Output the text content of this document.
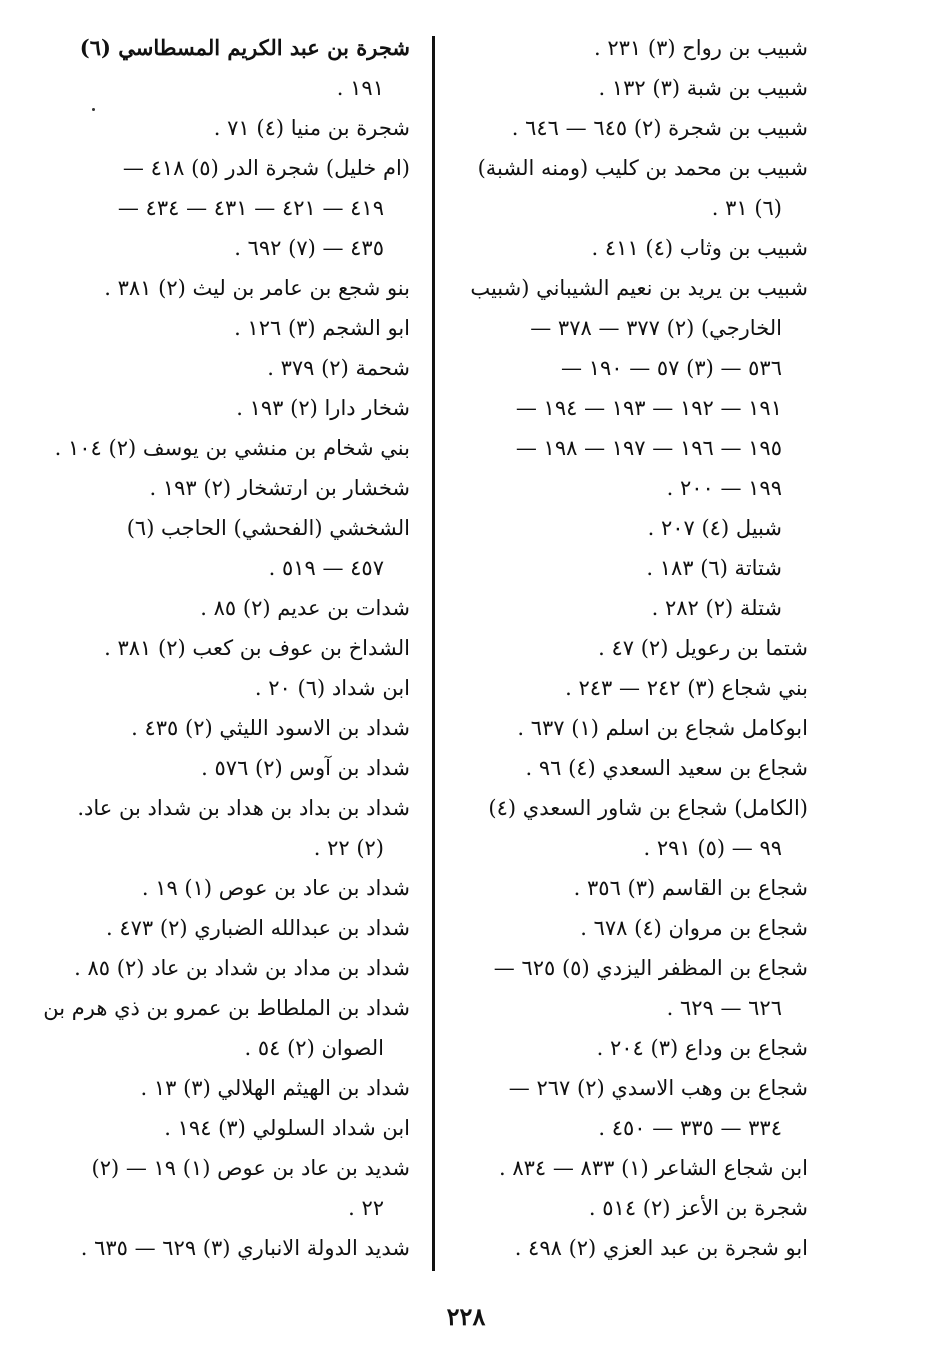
شبيب بن رواح (٣) ٢٣١ .
شبيب بن شبة (٣) ١٣٢ .
شبيب بن شجرة (٢) ٦٤٥ — ٦٤٦ .
شبيب بن محمد بن كليب (ومنه الشبة)
(٦) ٣١ .
شبيب بن وثاب (٤) ٤١١ .
شبيب بن يريد بن نعيم الشيباني (شبيب
الخارجي) (٢) ٣٧٧ — ٣٧٨ —
٥٣٦ — (٣) ٥٧ — ١٩٠ —
١٩١ — ١٩٢ — ١٩٣ — ١٩٤ —
١٩٥ — ١٩٦ — ١٩٧ — ١٩٨ —
١٩٩ — ٢٠٠ .
شبيل (٤) ٢٠٧ .
شتاتة (٦) ١٨٣ .
شتلة (٢) ٢٨٢ .
شتما بن رعويل (٢) ٤٧ .
بني شجاع (٣) ٢٤٢ — ٢٤٣ .
ابوكامل شجاع بن اسلم (١) ٦٣٧ .
شجاع بن سعيد السعدي (٤) ٩٦ .
(الكامل) شجاع بن شاور السعدي (٤)
٩٩ — (٥) ٢٩١ .
شجاع بن القاسم (٣) ٣٥٦ .
شجاع بن مروان (٤) ٦٧٨ .
شجاع بن المظفر اليزدي (٥) ٦٢٥ —
٦٢٦ — ٦٢٩ .
شجاع بن وداع (٣) ٢٠٤ .
شجاع بن وهب الاسدي (٢) ٢٦٧ —
٣٣٤ — ٣٣٥ — ٤٥٠ .
ابن شجاع الشاعر (١) ٨٣٣ — ٨٣٤ .
شجرة بن الأعز (٢) ٥١٤ .
ابو شجرة بن عبد العزي (٢) ٤٩٨ .
شجرة بن عبد الكريم المسطاسي (٦)
١٩١ .
شجرة بن منيا (٤) ٧١ .
(ام خليل) شجرة الدر (٥) ٤١٨ —
٤١٩ — ٤٢١ — ٤٣١ — ٤٣٤ —
٤٣٥ — (٧) ٦٩٢ .
بنو شجع بن عامر بن ليث (٢) ٣٨١ .
ابو الشجم (٣) ١٢٦ .
شحمة (٢) ٣٧٩ .
شخار دارا (٢) ١٩٣ .
بني شخام بن منشي بن يوسف (٢) ١٠٤ .
شخشار بن ارتشخار (٢) ١٩٣ .
الشخشي (الفحشي) الحاجب (٦)
٤٥٧ — ٥١٩ .
شدات بن عديم (٢) ٨٥ .
الشداخ بن عوف بن كعب (٢) ٣٨١ .
ابن شداد (٦) ٢٠ .
شداد بن الاسود الليثي (٢) ٤٣٥ .
شداد بن آوس (٢) ٥٧٦ .
شداد بن بداد بن هداد بن شداد بن عاد.
(٢) ٢٢ .
شداد بن عاد بن عوص (١) ١٩ .
شداد بن عبدالله الضباري (٢) ٤٧٣ .
شداد بن مداد بن شداد بن عاد (٢) ٨٥ .
شداد بن الملطاط بن عمرو بن ذي هرم بن
الصوان (٢) ٥٤ .
شداد بن الهيثم الهلالي (٣) ١٣ .
ابن شداد السلولي (٣) ١٩٤ .
شديد بن عاد بن عوص (١) ١٩ — (٢)
٢٢ .
شديد الدولة الانباري (٣) ٦٢٩ — ٦٣٥ .
٢٢٨
